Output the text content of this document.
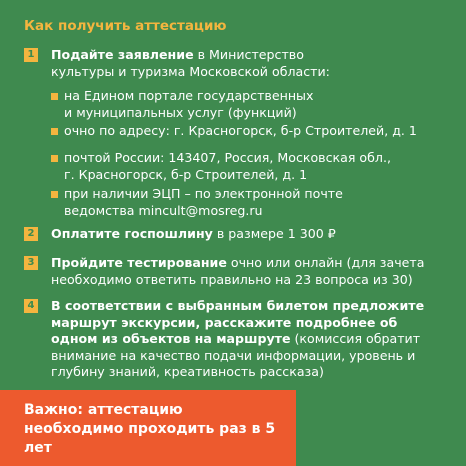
Как получить аттестацию
1 Подайте заявление в Министерство культуры и туризма Московской области:
на Едином портале государственных и муниципальных услуг (функций)
очно по адресу: г. Красногорск, б-р Строителей, д. 1
почтой России: 143407, Россия, Московская обл., г. Красногорск, б-р Строителей, д. 1
при наличии ЭЦП – по электронной почте ведомства mincult@mosreg.ru
2 Оплатите госпошлину в размере 1 300 ₽
3 Пройдите тестирование очно или онлайн (для зачета необходимо ответить правильно на 23 вопроса из 30)
4 В соответствии с выбранным билетом предложите маршрут экскурсии, расскажите подробнее об одном из объектов на маршруте (комиссия обратит внимание на качество подачи информации, уровень и глубину знаний, креативность рассказа)
Важно: аттестацию необходимо проходить раз в 5 лет
